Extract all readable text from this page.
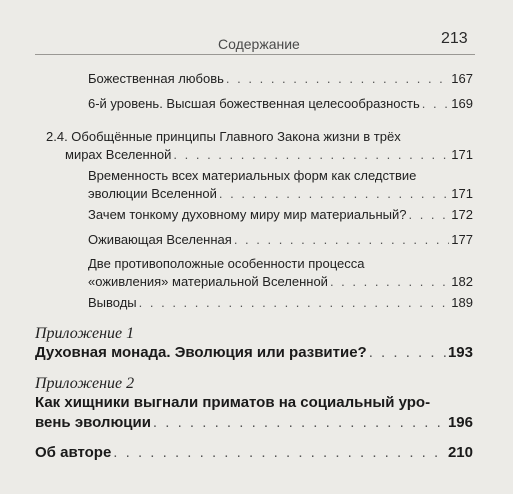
Содержание	213
Божественная любовь . . .	167
6-й уровень. Высшая божественная целесообразность . . . 169
2.4. Обобщённые принципы Главного Закона жизни в трёх
мирах Вселенной . . .	171
Временность всех материальных форм как следствие
эволюции Вселенной . . .	171
Зачем тонкому духовному миру мир материальный? . . .	172
Оживающая Вселенная . . .	177
Две противоположные особенности процесса
«оживления» материальной Вселенной . . .	182
Выводы . . .	189
Приложение 1
Духовная монада. Эволюция или развитие? . . .	193
Приложение 2
Как хищники выгнали приматов на социальный уро-
вень эволюции . . .	196
Об авторе . . .	210
